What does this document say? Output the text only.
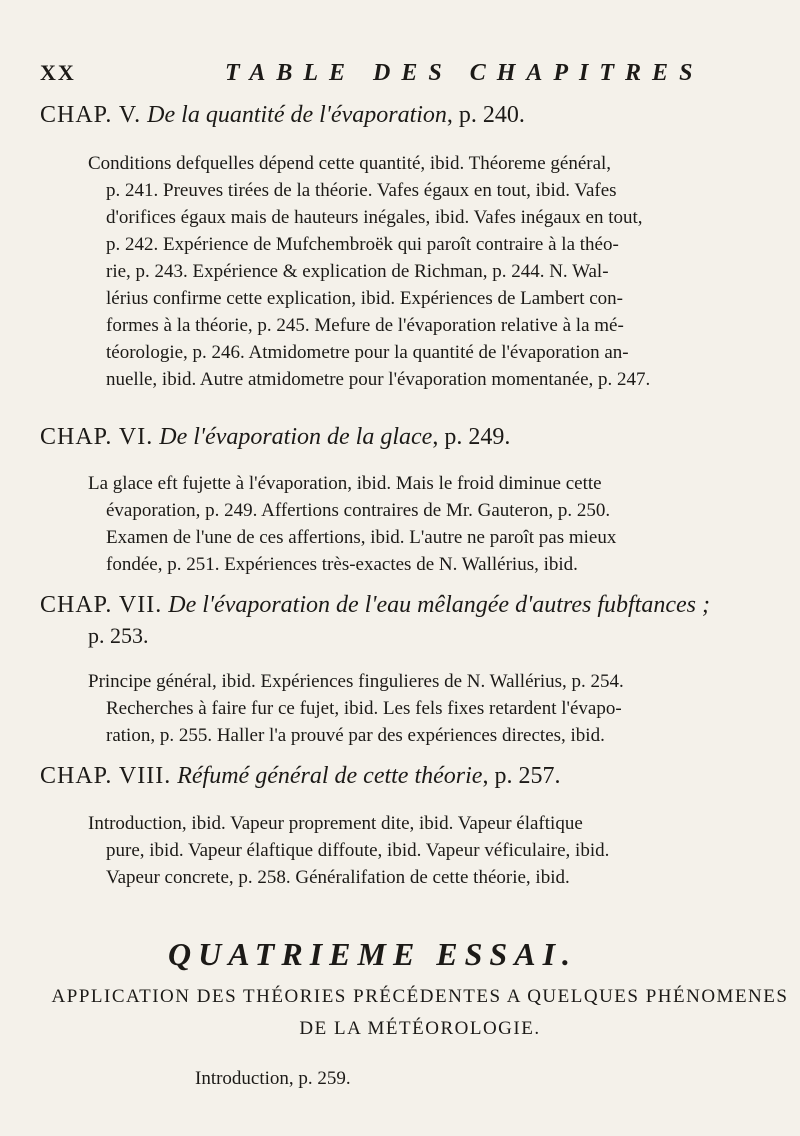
XX	TABLE DES CHAPITRES
CHAP. V. De la quantité de l'évaporation, p. 240.
Conditions defquelles dépend cette quantité, ibid. Théoreme général,
p. 241. Preuves tirées de la théorie. Vafes égaux en tout, ibid. Vafes
d'orifices égaux mais de hauteurs inégales, ibid. Vafes inégaux en tout,
p. 242. Expérience de Mufchembroëk qui paroît contraire à la théo-
rie, p. 243. Expérience & explication de Richman, p. 244. N. Wal-
lérius confirme cette explication, ibid. Expériences de Lambert con-
formes à la théorie, p. 245. Mefure de l'évaporation relative à la mé-
téorologie, p. 246. Atmidometre pour la quantité de l'évaporation an-
nuelle, ibid. Autre atmidometre pour l'évaporation momentanée, p. 247.
CHAP. VI. De l'évaporation de la glace, p. 249.
La glace eft fujette à l'évaporation, ibid. Mais le froid diminue cette
évaporation, p. 249. Affertions contraires de Mr. Gauteron, p. 250.
Examen de l'une de ces affertions, ibid. L'autre ne paroît pas mieux
fondée, p. 251. Expériences très-exactes de N. Wallérius, ibid.
CHAP. VII. De l'évaporation de l'eau mêlangée d'autres fubftances ;
p. 253.
Principe général, ibid. Expériences fingulieres de N. Wallérius, p. 254.
Recherches à faire fur ce fujet, ibid. Les fels fixes retardent l'évapo-
ration, p. 255. Haller l'a prouvé par des expériences directes, ibid.
CHAP. VIII. Réfumé général de cette théorie, p. 257.
Introduction, ibid. Vapeur proprement dite, ibid. Vapeur élaftique
pure, ibid. Vapeur élaftique diffoute, ibid. Vapeur véficulaire, ibid.
Vapeur concrete, p. 258. Généralifation de cette théorie, ibid.
QUATRIEME ESSAI.
APPLICATION DES THÉORIES PRÉCÉDENTES A QUELQUES PHÉNOMENES
DE LA MÉTÉOROLOGIE.
Introduction, p. 259.
